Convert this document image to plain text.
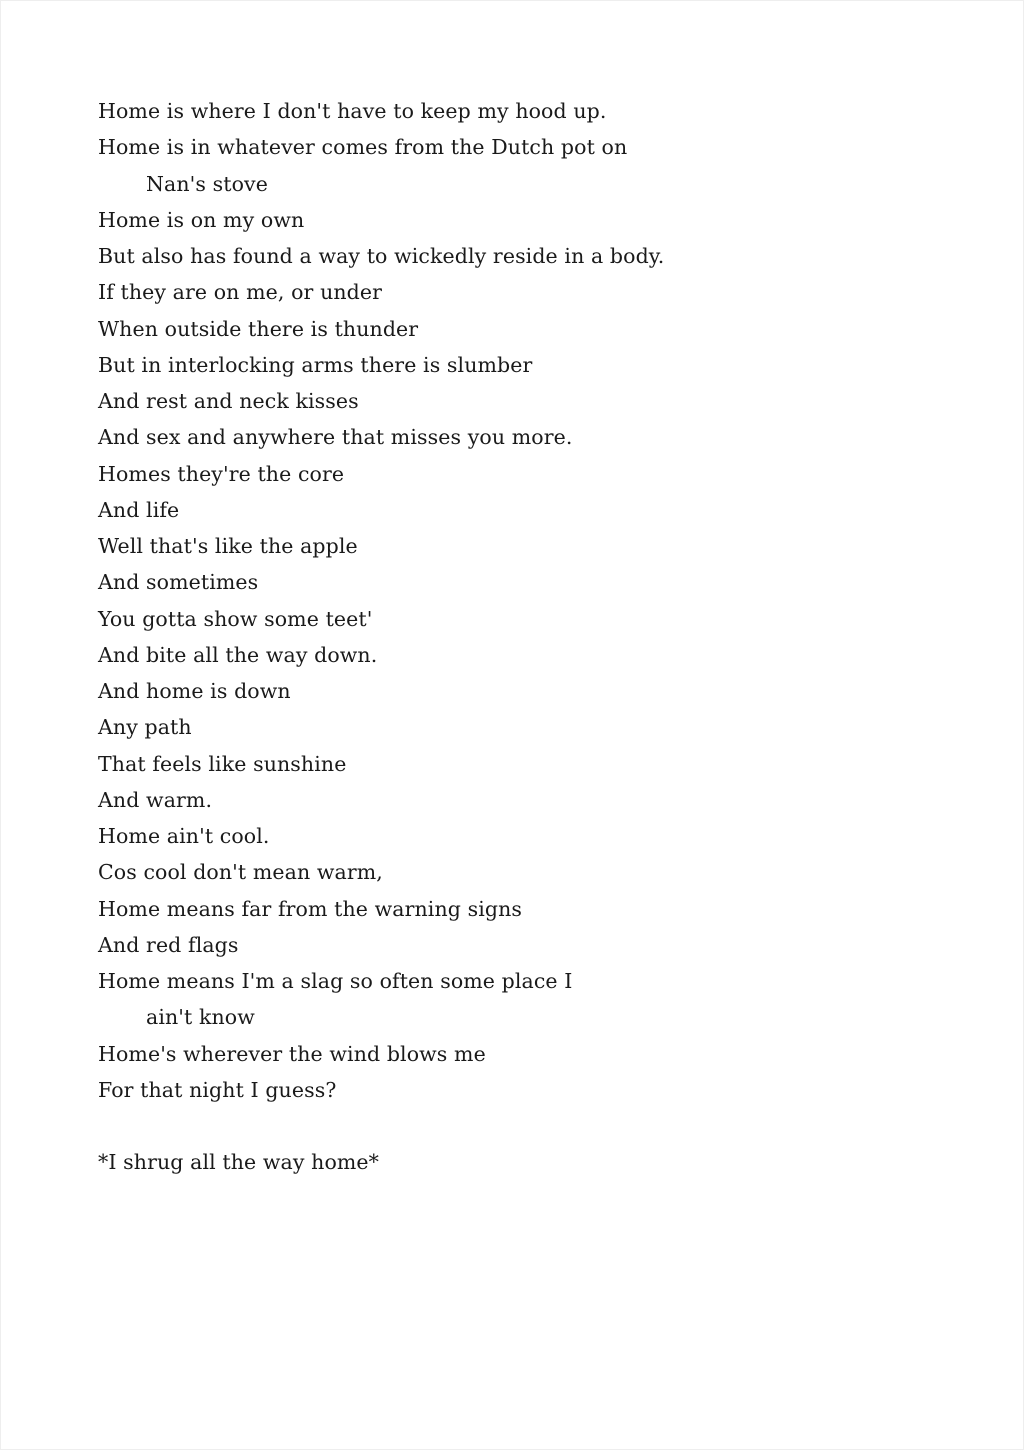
Home is where I don't have to keep my hood up.
Home is in whatever comes from the Dutch pot on
Nan's stove
Home is on my own
But also has found a way to wickedly reside in a body.
If they are on me, or under
When outside there is thunder
But in interlocking arms there is slumber
And rest and neck kisses
And sex and anywhere that misses you more.
Homes they're the core
And life
Well that's like the apple
And sometimes
You gotta show some teet'
And bite all the way down.
And home is down
Any path
That feels like sunshine
And warm.
Home ain't cool.
Cos cool don't mean warm,
Home means far from the warning signs
And red flags
Home means I'm a slag so often some place I
ain't know
Home's wherever the wind blows me
For that night I guess?
*I shrug all the way home*
